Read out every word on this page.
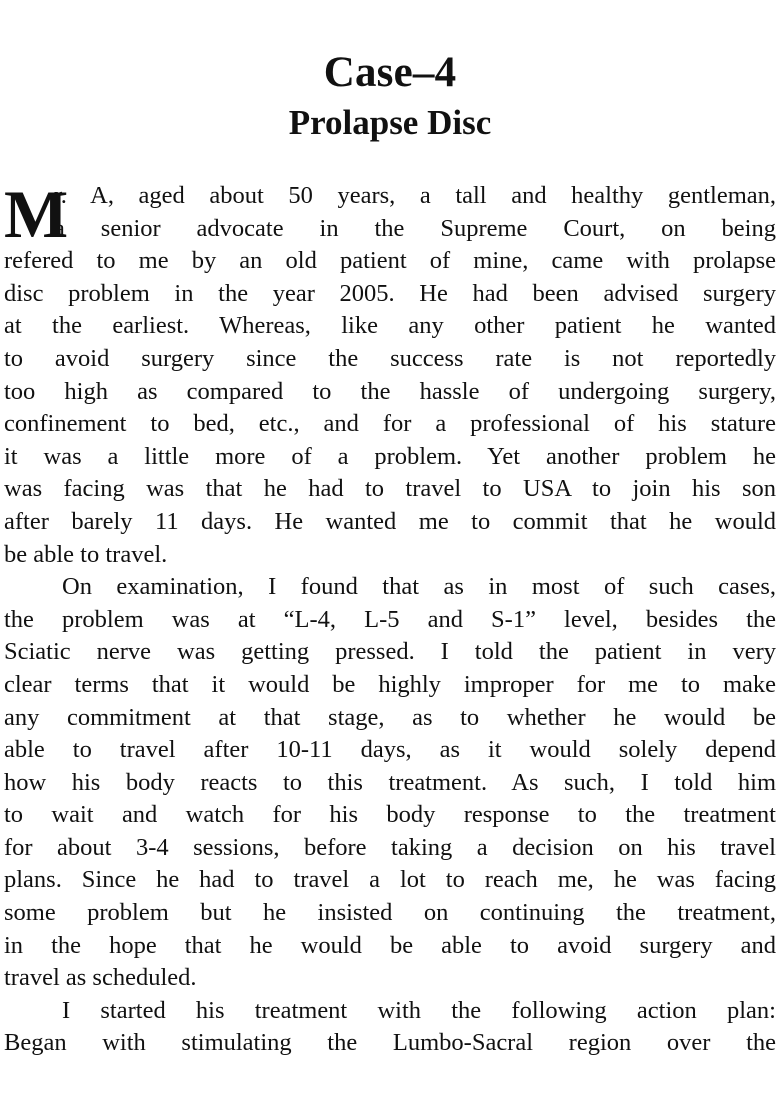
Case–4
Prolapse Disc
M
r. A, aged about 50 years, a tall and healthy gentleman,
a senior advocate in the Supreme Court, on being
refered to me by an old patient of mine, came with prolapse
disc problem in the year 2005. He had been advised surgery
at the earliest. Whereas, like any other patient he wanted
to avoid surgery since the success rate is not reportedly
too high as compared to the hassle of undergoing surgery,
confinement to bed, etc., and for a professional of his stature
it was a little more of a problem. Yet another problem he
was facing was that he had to travel to USA to join his son
after barely 11 days. He wanted me to commit that he would
be able to travel.
On examination, I found that as in most of such cases,
the problem was at “L-4, L-5 and S-1” level, besides the
Sciatic nerve was getting pressed. I told the patient in very
clear terms that it would be highly improper for me to make
any commitment at that stage, as to whether he would be
able to travel after 10-11 days, as it would solely depend
how his body reacts to this treatment. As such, I told him
to wait and watch for his body response to the treatment
for about 3-4 sessions, before taking a decision on his travel
plans. Since he had to travel a lot to reach me, he was facing
some problem but he insisted on continuing the treatment,
in the hope that he would be able to avoid surgery and
travel as scheduled.
I started his treatment with the following action plan:
Began with stimulating the Lumbo-Sacral region over the
